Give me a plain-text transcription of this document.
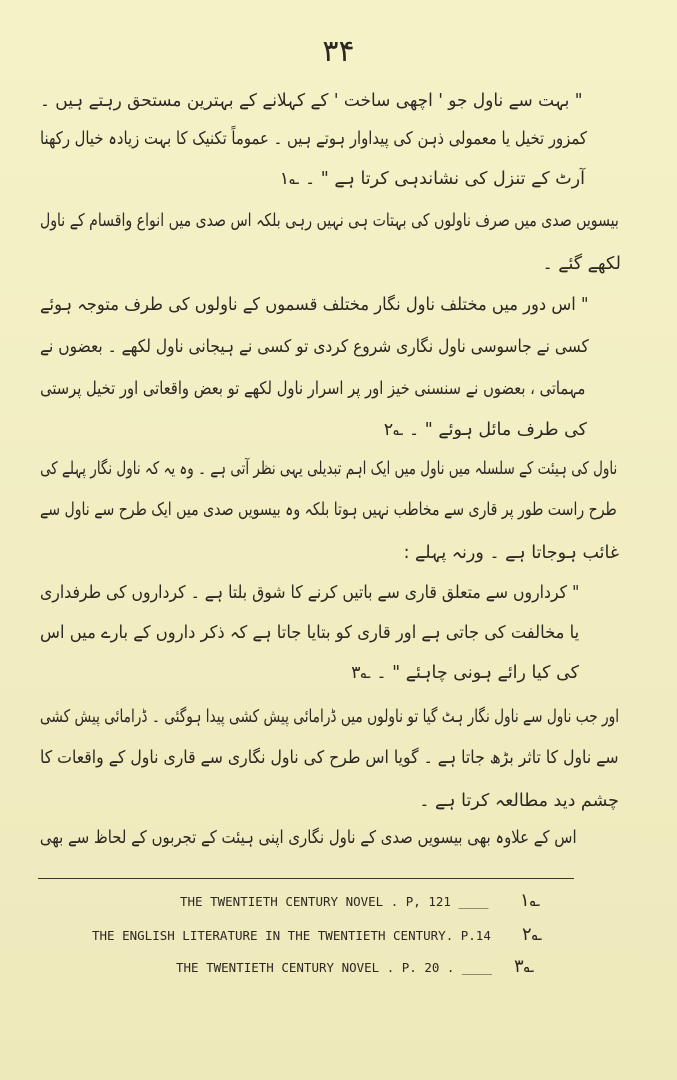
۳۴
" بہت سے ناول جو ' اچھی ساخت ' کے کہلانے کے بہترین مستحق رہتے ہیں ۔
کمزور تخیل یا معمولی ذہن کی پیداوار ہوتے ہیں ۔ عموماً تکنیک کا بہت زیادہ خیال رکھنا
آرٹ کے تنزل کی نشاندہی کرتا ہے " ۔ ؎۱
بیسویں صدی میں صرف ناولوں کی بہتات ہی نہیں رہی بلکہ اس صدی میں انواع واقسام کے ناول
لکھے گئے ۔
" اس دور میں مختلف ناول نگار مختلف قسموں کے ناولوں کی طرف متوجہ ہوئے
کسی نے جاسوسی ناول نگاری شروع کردی تو کسی نے ہیجانی ناول لکھے ۔ بعضوں نے
مہماتی ، بعضوں نے سنسنی خیز اور پر اسرار ناول لکھے تو بعض واقعاتی اور تخیل پرستی
کی طرف مائل ہوئے " ۔ ؎۲
ناول کی ہیئت کے سلسلہ میں ناول میں ایک اہم تبدیلی یہی نظر آتی ہے ۔ وہ یہ کہ ناول نگار پہلے کی
طرح راست طور پر قاری سے مخاطب نہیں ہوتا بلکہ وہ بیسویں صدی میں ایک طرح سے ناول سے
غائب ہوجاتا ہے ۔ ورنہ پہلے :
" کرداروں سے متعلق قاری سے باتیں کرنے کا شوق بلتا ہے ۔ کرداروں کی طرفداری
یا مخالفت کی جاتی ہے اور قاری کو بتایا جاتا ہے کہ ذکر داروں کے بارے میں اس
کی کیا رائے ہونی چاہئے " ۔ ؎۳
اور جب ناول سے ناول نگار ہٹ گیا تو ناولوں میں ڈرامائی پیش کشی پیدا ہوگئی ۔ ڈرامائی پیش کشی
سے ناول کا تاثر بڑھ جاتا ہے ۔ گویا اس طرح کی ناول نگاری سے قاری ناول کے واقعات کا
چشم دید مطالعہ کرتا ہے ۔
اس کے علاوہ بھی بیسویں صدی کے ناول نگاری اپنی ہیئت کے تجربوں کے لحاظ سے بھی
THE TWENTIETH CENTURY NOVEL . P, 121 ____ ؎۱
THE ENGLISH LITERATURE IN THE TWENTIETH CENTURY. P.14 ؎۲
THE TWENTIETH CENTURY NOVEL . P. 20 . ____ ؎۳
